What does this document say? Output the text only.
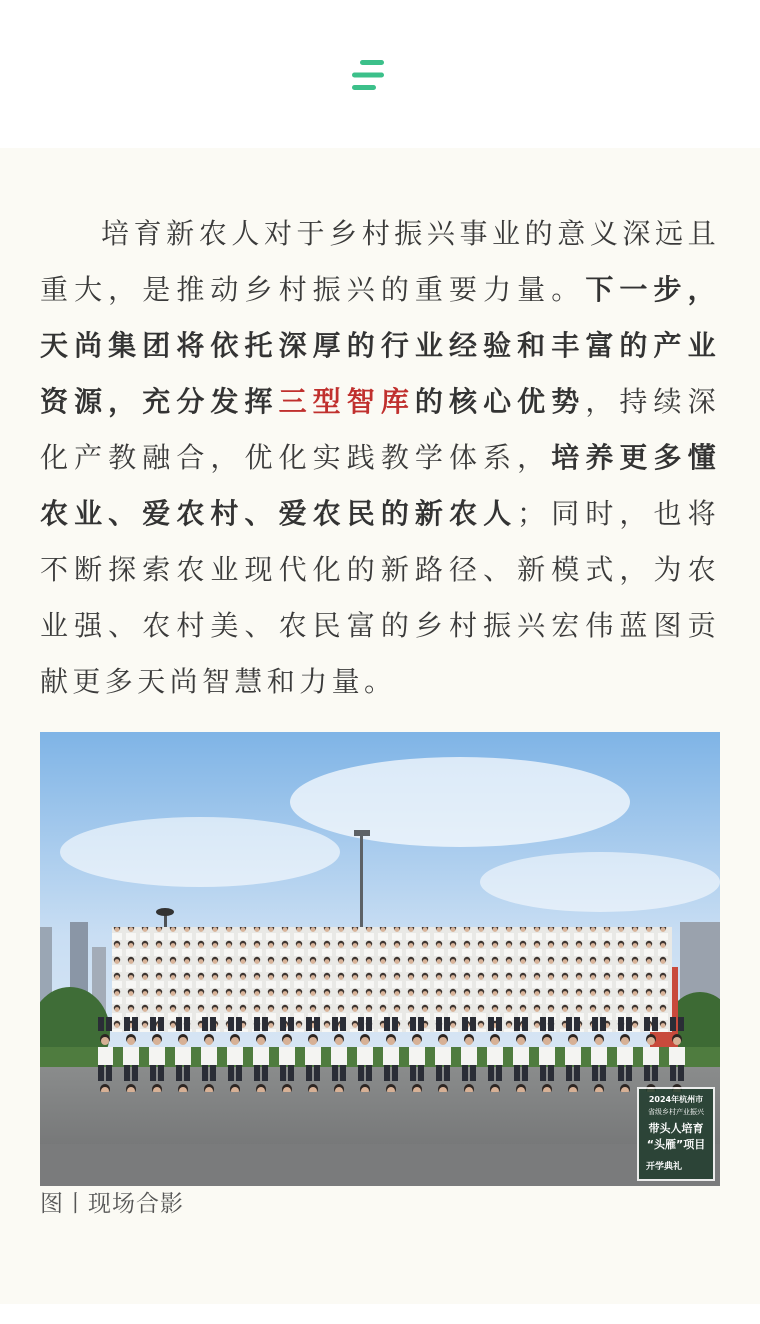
培育新农人对于乡村振兴事业的意义深远且重大，是推动乡村振兴的重要力量。下一步，天尚集团将依托深厚的行业经验和丰富的产业资源，充分发挥三型智库的核心优势，持续深化产教融合，优化实践教学体系，培养更多懂农业、爱农村、爱农民的新农人；同时，也将不断探索农业现代化的新路径、新模式，为农业强、农村美、农民富的乡村振兴宏伟蓝图贡献更多天尚智慧和力量。

2024年杭州市
省级乡村产业振兴
带头人培育
“头雁”项目
开学典礼
图丨现场合影
